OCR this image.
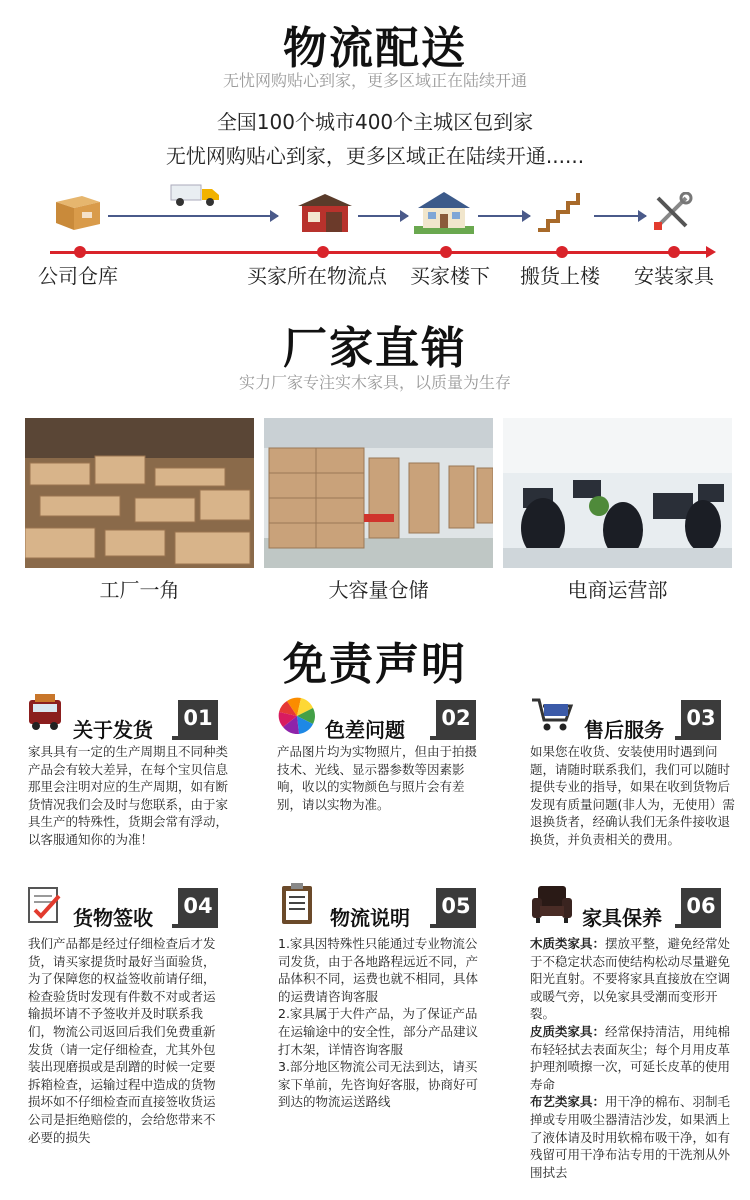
物流配送
无忧网购贴心到家，更多区域正在陆续开通
全国100个城市400个主城区包到家
无忧网购贴心到家，更多区域正在陆续开通......
公司仓库	买家所在物流点 买家楼下 搬货上楼 安装家具
厂家直销
实力厂家专注实木家具，以质量为生存
工厂一角	大容量仓储	电商运营部
免责声明
关于发货 01
家具具有一定的生产周期且不同种类产品会有较大差异，在每个宝贝信息那里会注明对应的生产周期，如有断货情况我们会及时与您联系，由于家具生产的特殊性，货期会常有浮动，以客服通知你的为准！
色差问题 02
产品图片均为实物照片，但由于拍摄技术、光线、显示器参数等因素影响，收以的实物颜色与照片会有差别，请以实物为准。
售后服务 03
如果您在收货、安装使用时遇到问题，请随时联系我们，我们可以随时提供专业的指导，如果在收到货物后发现有质量问题(非人为，无使用）需退换货者，经确认我们无条件接收退换货，并负责相关的费用。
货物签收 04
我们产品都是经过仔细检查后才发货，请买家提货时最好当面验货，为了保障您的权益签收前请仔细，检查验货时发现有件数不对或者运输损坏请不予签收并及时联系我们，物流公司返回后我们免费重新发货（请一定仔细检查，尤其外包装出现磨损或是刮蹭的时候一定要拆箱检查，运输过程中造成的货物损坏如不仔细检查而直接签收货运公司是拒绝赔偿的，会给您带来不必要的损失
物流说明 05
1.家具因特殊性只能通过专业物流公司发货，由于各地路程远近不同，产品体积不同，运费也就不相同，具体的运费请咨询客服
2.家具属于大件产品，为了保证产品在运输途中的安全性，部分产品建议打木架，详情咨询客服
3.部分地区物流公司无法到达，请买家下单前，先咨询好客服，协商好可到达的物流运送路线
家具保养 06
木质类家具：摆放平整，避免经常处于不稳定状态而使结构松动尽量避免阳光直射。不要将家具直接放在空调或暖气旁，以免家具受潮而变形开裂。
皮质类家具：经常保持清洁，用纯棉布轻轻拭去表面灰尘；每个月用皮革护理剂喷擦一次，可延长皮革的使用寿命
布艺类家具：用干净的棉布、羽制毛掸或专用吸尘器清洁沙发，如果洒上了液体请及时用软棉布吸干净，如有残留可用干净布沾专用的干洗剂从外围拭去
